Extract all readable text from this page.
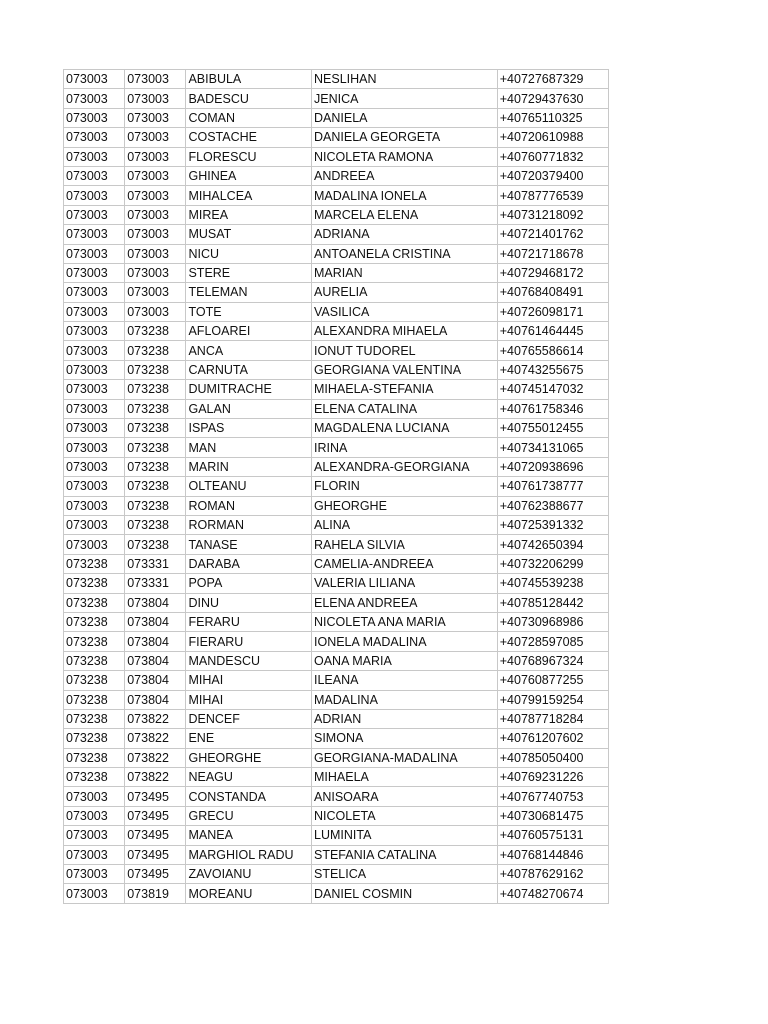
073003	073003	ABIBULA	NESLIHAN	+40727687329
073003	073003	BADESCU	JENICA	+40729437630
073003	073003	COMAN	DANIELA	+40765110325
073003	073003	COSTACHE	DANIELA GEORGETA	+40720610988
073003	073003	FLORESCU	NICOLETA RAMONA	+40760771832
073003	073003	GHINEA	ANDREEA	+40720379400
073003	073003	MIHALCEA	MADALINA IONELA	+40787776539
073003	073003	MIREA	MARCELA ELENA	+40731218092
073003	073003	MUSAT	ADRIANA	+40721401762
073003	073003	NICU	ANTOANELA CRISTINA	+40721718678
073003	073003	STERE	MARIAN	+40729468172
073003	073003	TELEMAN	AURELIA	+40768408491
073003	073003	TOTE	VASILICA	+40726098171
073003	073238	AFLOAREI	ALEXANDRA MIHAELA	+40761464445
073003	073238	ANCA	IONUT TUDOREL	+40765586614
073003	073238	CARNUTA	GEORGIANA VALENTINA	+40743255675
073003	073238	DUMITRACHE	MIHAELA-STEFANIA	+40745147032
073003	073238	GALAN	ELENA CATALINA	+40761758346
073003	073238	ISPAS	MAGDALENA LUCIANA	+40755012455
073003	073238	MAN	IRINA	+40734131065
073003	073238	MARIN	ALEXANDRA-GEORGIANA	+40720938696
073003	073238	OLTEANU	FLORIN	+40761738777
073003	073238	ROMAN	GHEORGHE	+40762388677
073003	073238	RORMAN	ALINA	+40725391332
073003	073238	TANASE	RAHELA SILVIA	+40742650394
073238	073331	DARABA	CAMELIA-ANDREEA	+40732206299
073238	073331	POPA	VALERIA LILIANA	+40745539238
073238	073804	DINU	ELENA ANDREEA	+40785128442
073238	073804	FERARU	NICOLETA ANA MARIA	+40730968986
073238	073804	FIERARU	IONELA MADALINA	+40728597085
073238	073804	MANDESCU	OANA MARIA	+40768967324
073238	073804	MIHAI	ILEANA	+40760877255
073238	073804	MIHAI	MADALINA	+40799159254
073238	073822	DENCEF	ADRIAN	+40787718284
073238	073822	ENE	SIMONA	+40761207602
073238	073822	GHEORGHE	GEORGIANA-MADALINA	+40785050400
073238	073822	NEAGU	MIHAELA	+40769231226
073003	073495	CONSTANDA	ANISOARA	+40767740753
073003	073495	GRECU	NICOLETA	+40730681475
073003	073495	MANEA	LUMINITA	+40760575131
073003	073495	MARGHIOL RADU	STEFANIA CATALINA	+40768144846
073003	073495	ZAVOIANU	STELICA	+40787629162
073003	073819	MOREANU	DANIEL COSMIN	+40748270674
